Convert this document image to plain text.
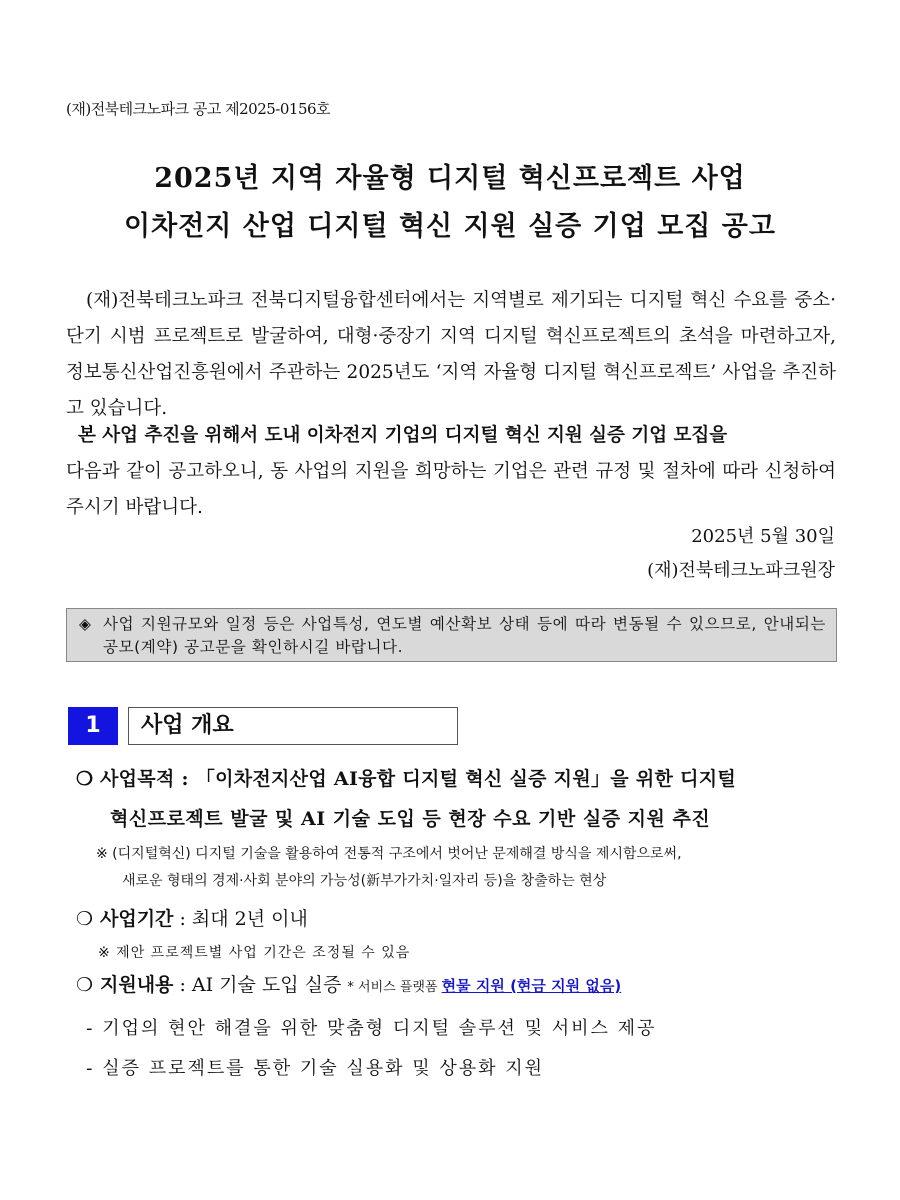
(재)전북테크노파크 공고 제2025-0156호
2025년 지역 자율형 디지털 혁신프로젝트 사업
이차전지 산업 디지털 혁신 지원 실증 기업 모집 공고

(재)전북테크노파크 전북디지털융합센터에서는 지역별로 제기되는 디지털 혁신 수요를 중소·단기 시범 프로젝트로 발굴하여, 대형·중장기 지역 디지털 혁신프로젝트의 초석을 마련하고자, 정보통신산업진흥원에서 주관하는 2025년도 ‘지역 자율형 디지털 혁신프로젝트’ 사업을 추진하고 있습니다.

본 사업 추진을 위해서 도내 이차전지 기업의 디지털 혁신 지원 실증 기업 모집을
다음과 같이 공고하오니, 동 사업의 지원을 희망하는 기업은 관련 규정 및 절차에 따라 신청하여 주시기 바랍니다.

2025년 5월 30일
(재)전북테크노파크원장
◈ 사업 지원규모와 일정 등은 사업특성, 연도별 예산확보 상태 등에 따라 변동될 수 있으므로, 안내되는 공모(계약) 공고문을 확인하시길 바랍니다.
1	사업 개요
❍ 사업목적 : 「이차전지산업 AI융합 디지털 혁신 실증 지원」을 위한 디지털
혁신프로젝트 발굴 및 AI 기술 도입 등 현장 수요 기반 실증 지원 추진
※ (디지털혁신) 디지털 기술을 활용하여 전통적 구조에서 벗어난 문제해결 방식을 제시함으로써,
새로운 형태의 경제·사회 분야의 가능성(新부가가치·일자리 등)을 창출하는 현상
❍ 사업기간 : 최대 2년 이내
※ 제안 프로젝트별 사업 기간은 조정될 수 있음
❍ 지원내용 : AI 기술 도입 실증 * 서비스 플랫폼 현물 지원 (현금 지원 없음)
- 기업의 현안 해결을 위한 맞춤형 디지털 솔루션 및 서비스 제공
- 실증 프로젝트를 통한 기술 실용화 및 상용화 지원
